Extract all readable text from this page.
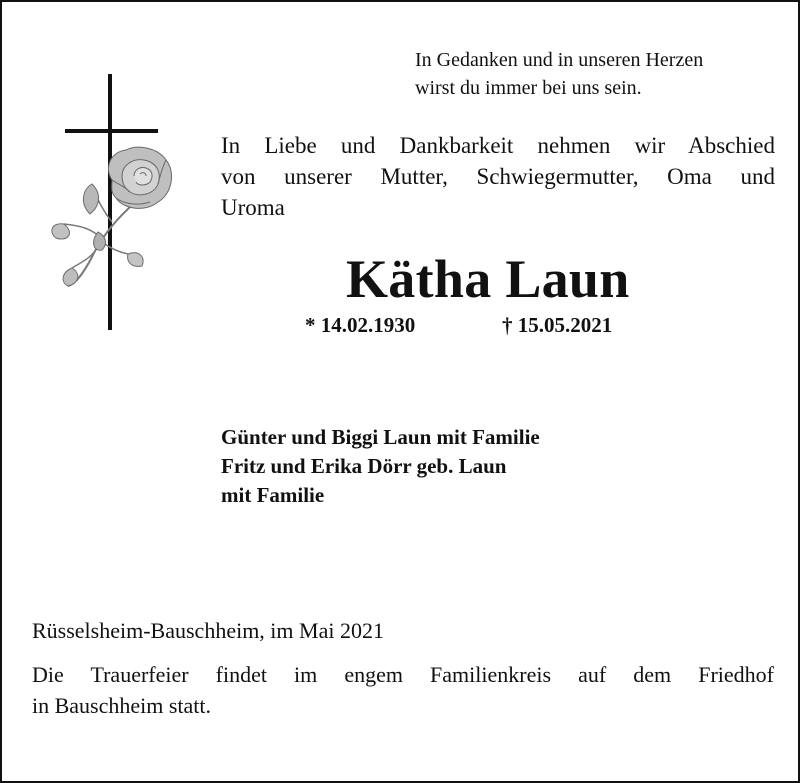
In Gedanken und in unseren Herzen
wirst du immer bei uns sein.
In Liebe und Dankbarkeit nehmen wir Abschied
von unserer Mutter, Schwiegermutter, Oma und
Uroma
Kätha Laun
* 14.02.1930	† 15.05.2021
Günter und Biggi Laun mit Familie
Fritz und Erika Dörr geb. Laun
mit Familie
Rüsselsheim-Bauschheim, im Mai 2021
Die Trauerfeier findet im engem Familienkreis auf dem Friedhof
in Bauschheim statt.
